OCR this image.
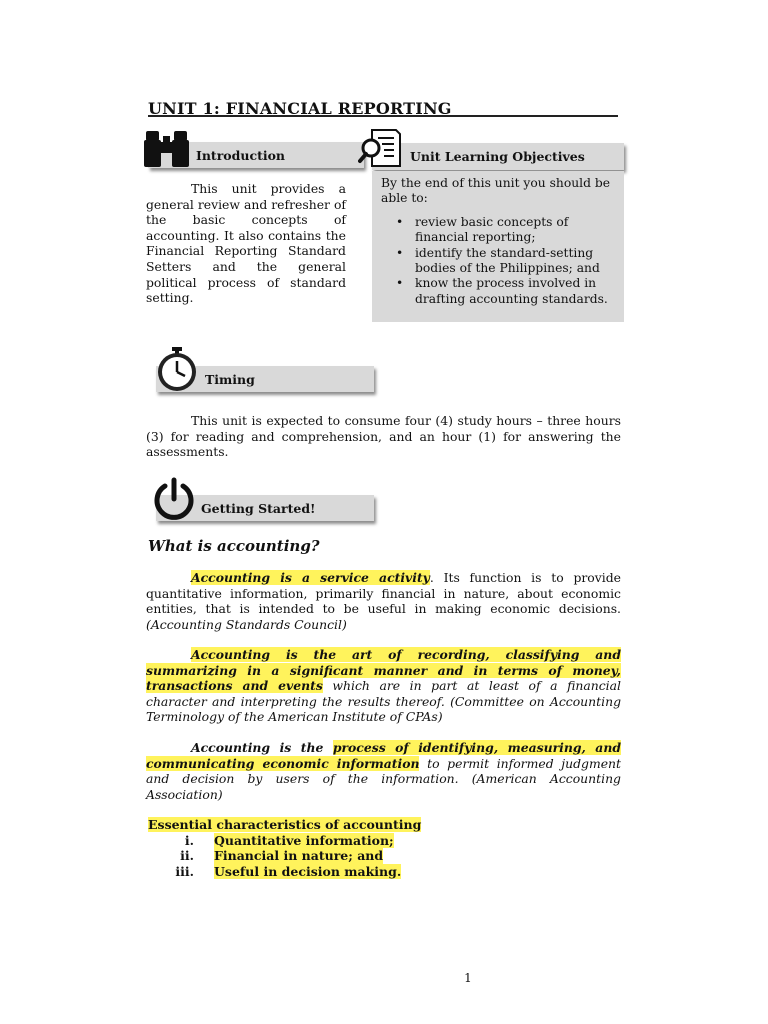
UNIT 1: FINANCIAL REPORTING
Introduction
This unit provides a general review and refresher of the basic concepts of accounting. It also contains the Financial Reporting Standard Setters and the general political process of standard setting.
Unit Learning Objectives
By the end of this unit you should be able to:
• review basic concepts of financial reporting;
• identify the standard-setting bodies of the Philippines; and
• know the process involved in drafting accounting standards.
Timing
This unit is expected to consume four (4) study hours – three hours (3) for reading and comprehension, and an hour (1) for answering the assessments.
Getting Started!
What is accounting?
Accounting is a service activity. Its function is to provide quantitative information, primarily financial in nature, about economic entities, that is intended to be useful in making economic decisions. (Accounting Standards Council)
Accounting is the art of recording, classifying and summarizing in a significant manner and in terms of money, transactions and events which are in part at least of a financial character and interpreting the results thereof. (Committee on Accounting Terminology of the American Institute of CPAs)
Accounting is the process of identifying, measuring, and communicating economic information to permit informed judgment and decision by users of the information. (American Accounting Association)
Essential characteristics of accounting
i.	Quantitative information;
ii.	Financial in nature; and
iii.	Useful in decision making.
1
